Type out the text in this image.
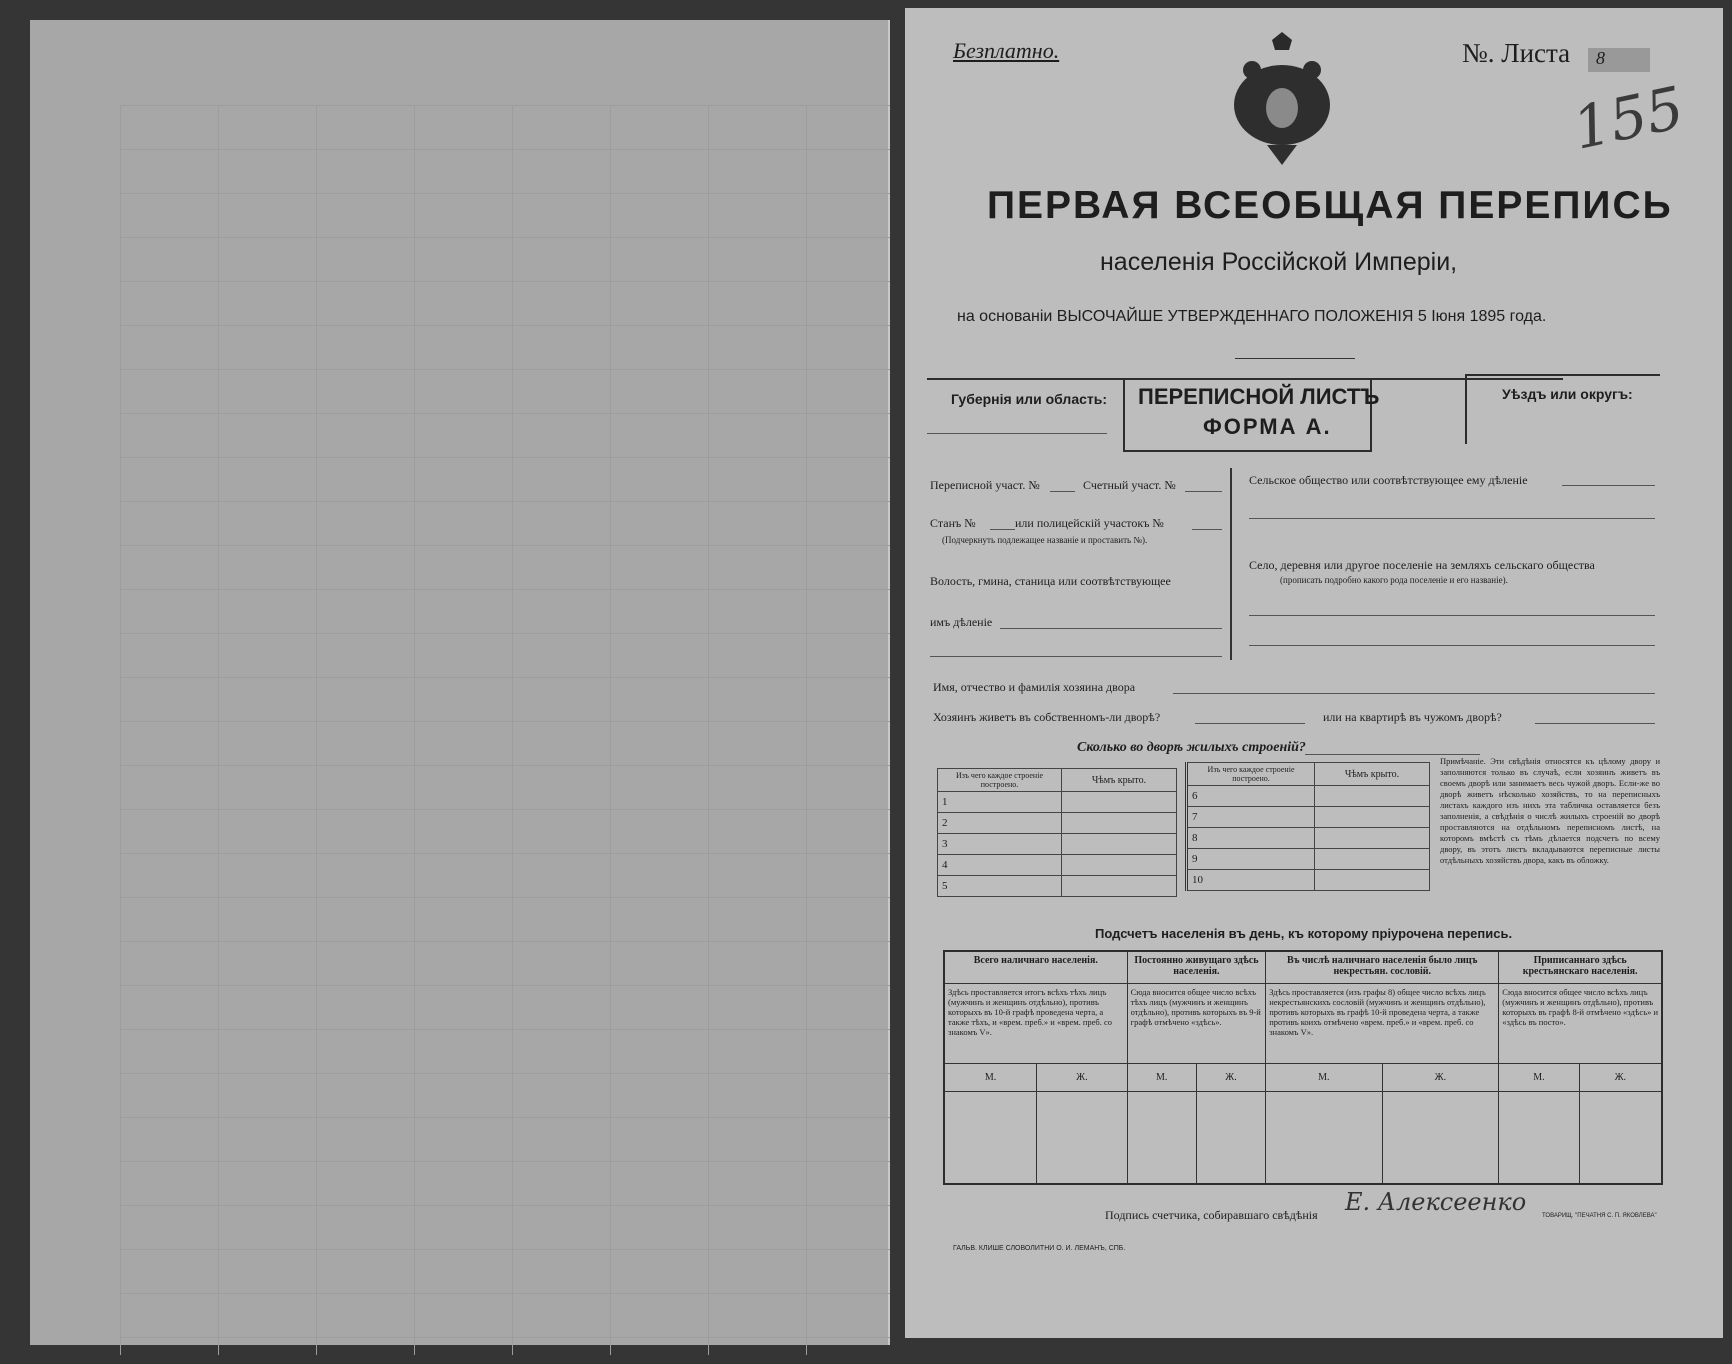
Безплатно.	№. Листа	8
155
ПЕРВАЯ ВСЕОБЩАЯ ПЕРЕПИСЬ
населенія Россійской Имперіи,
на основаніи ВЫСОЧАЙШЕ УТВЕРЖДЕННАГО ПОЛОЖЕНІЯ 5 Іюня 1895 года.
Губернія или область: ПЕРЕПИСНОЙ ЛИСТЪ
ФОРМА А.
Уѣздъ или округъ:
Переписной участ. №	Счетный участ. №
Станъ №	или полицейскій участокъ №
(Подчеркнуть подлежащее названіе и проставить №).
Волость, гмина, станица или соотвѣтствующее
имъ дѣленіе
Сельское общество или соотвѣтствующее ему дѣленіе
Село, деревня или другое поселеніе на земляхъ сельскаго общества
(прописать подробно какого рода поселеніе и его названіе).
Имя, отчество и фамилія хозяина двора
Хозяинъ живетъ въ собственномъ-ли дворѣ?	или на квартирѣ въ чужомъ дворѣ?
Сколько во дворѣ жилыхъ строеній?
Изъ чего каждое строеніе построено.	Чѣмъ крыто.
1	
2	
3	
4	
5	
Изъ чего каждое строеніе построено.	Чѣмъ крыто.
6	
7	
8	
9	
10	
Примѣчаніе. Эти свѣдѣнія относятся къ цѣлому двору и заполняются только въ случаѣ, если хозяинъ живетъ въ своемъ дворѣ или занимаетъ весь чужой дворъ. Если-же во дворѣ живетъ нѣсколько хозяйствъ, то на переписныхъ листахъ каждого изъ нихъ эта табличка оставляется безъ заполненія, а свѣдѣнія о числѣ жилыхъ строеній во дворѣ проставляются на отдѣльномъ переписномъ листѣ, на которомъ вмѣстѣ съ тѣмъ дѣлается подсчетъ по всему двору, въ этотъ листъ вкладываются переписные листы отдѣльныхъ хозяйствъ двора, какъ въ обложку.
Подсчетъ населенія въ день, къ которому пріурочена перепись.
Всего наличнаго населенія.		Постоянно живущаго здѣсь населенія.		Въ числѣ наличнаго населенія было лицъ некрестьян. сословій.		Приписаннаго здѣсь крестьянскаго населенія.	
Здѣсь проставляется итогъ всѣхъ тѣхъ лицъ (мужчинъ и женщинъ отдѣльно), противъ которыхъ въ 10-й графѣ проведена черта, а также тѣхъ, и «врем. преб.» и «врем. преб. со знакомъ V».		Сюда вносится общее число всѣхъ тѣхъ лицъ (мужчинъ и женщинъ отдѣльно), противъ которыхъ въ 9-й графѣ отмѣчено «здѣсь».		Здѣсь проставляется (изъ графы 8) общее число всѣхъ лицъ некрестьянскихъ сословій (мужчинъ и женщинъ отдѣльно), противъ которыхъ въ графѣ 10-й проведена черта, а также противъ коихъ отмѣчено «врем. преб.» и «врем. преб. со знакомъ V».		Сюда вносится общее число всѣхъ лицъ (мужчинъ и женщинъ отдѣльно), противъ которыхъ въ графѣ 8-й отмѣчено «здѣсь» и «здѣсь въ посто».	
М.	Ж.	М.	Ж.	М.	Ж.	М.	Ж.

Подпись счетчика, собиравшаго свѣдѣнія Е. Алексеенко
ГАЛЬВ. КЛИШЕ СЛОВОЛИТНИ О. И. ЛЕМАНЪ, СПБ.
ТОВАРИЩ. "ПЕЧАТНЯ С. П. ЯКОВЛЕВА"
